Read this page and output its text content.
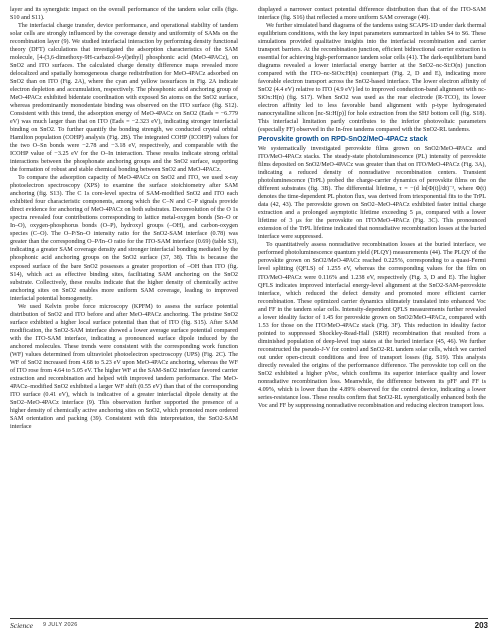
layer and its synergistic impact on the overall performance of the tandem solar cells (figs. S10 and S11).

The interfacial charge transfer, device performance, and operational stability of tandem solar cells are strongly influenced by the coverage density and uniformity of SAMs on the recombination layer (9). We studied interfacial interaction by performing density functional theory (DFT) calculations that investigated the adsorption characteristics of the SAM molecule, [4-(3,6-dimethoxy-9H-carbazol-9-yl)ethyl] phosphonic acid (MeO-4PACz), on SnO2 and ITO surfaces. The calculated charge density difference maps revealed more delocalized and spatially homogeneous charge redistribution for MeO-4PACz adsorbed on SnO2 than on ITO (Fig. 2A), where the cyan and yellow isosurfaces in Fig. 2A indicate electron depletion and accumulation, respectively. The phosphonic acid anchoring group of MeO-4PACz exhibited bidentate coordination with exposed Sn atoms on the SnO2 surface, whereas predominantly monodentate binding was observed on the ITO surface (fig. S12). Consistent with this trend, the adsorption energy of MeO-4PACz on SnO2 (Eads = −6.779 eV) was much larger than that on ITO (Eads = −2.323 eV), indicating stronger interfacial binding on SnO2. To further quantify the bonding strength, we conducted crystal orbital Hamilton population (COHP) analysis (Fig. 2B). The integrated COHP (ICOHP) values for the two O–Sn bonds were −2.78 and −3.18 eV, respectively, and comparable with the ICOHP value of −3.25 eV for the O–In interaction. These results indicate strong orbital interactions between the phosphonate anchoring groups and the SnO2 surface, supporting the formation of robust and stable chemical bonding between SnO2 and MeO-4PACz.

To compare the adsorption capacity of MeO-4PACz on SnO2 and ITO, we used x-ray photoelectron spectroscopy (XPS) to examine the surface stoichiometry after SAM anchoring (fig. S13). The C 1s core-level spectra of SAM-modified SnO2 and ITO each exhibited four characteristic components, among which the C–N and C–P signals provide direct evidence for anchoring of MeO-4PACz on both substrates. Deconvolution of the O 1s spectra revealed four contributions corresponding to lattice metal-oxygen bonds (Sn–O or In–O), oxygen-phosphorus bonds (O–P), hydroxyl groups (–OH), and carbon-oxygen species (C–O). The O–P/Sn–O intensity ratio for the SnO2-SAM interface (0.78) was greater than the corresponding O–P/In–O ratio for the ITO-SAM interface (0.69) (table S3), indicating a greater SAM coverage density and stronger interfacial bonding mediated by the phosphonic acid anchoring groups on the SnO2 surface (37, 38). This is because the exposed surface of the bare SnO2 possesses a greater proportion of –OH than ITO (fig. S14), which act as effective binding sites, facilitating SAM anchoring on the SnO2 substrate. Collectively, these results indicate that the higher density of chemically active anchoring sites on SnO2 enables more uniform SAM coverage, leading to improved interfacial potential homogeneity.

We used Kelvin probe force microscopy (KPFM) to assess the surface potential distribution of SnO2 and ITO before and after MeO-4PACz anchoring. The pristine SnO2 surface exhibited a higher local surface potential than that of ITO (fig. S15). After SAM modification, the SnO2-SAM interface showed a lower average surface potential compared with the ITO-SAM interface, indicating a pronounced surface dipole induced by the anchored molecules. These trends were consistent with the corresponding work function (WF) values determined from ultraviolet photoelectron spectroscopy (UPS) (Fig. 2C). The WF of SnO2 increased from 4.68 to 5.23 eV upon MeO-4PACz anchoring, whereas the WF of ITO rose from 4.64 to 5.05 eV. The higher WF at the SAM-SnO2 interface favored carrier extraction and recombination and helped with improved tandem performance. The MeO-4PACz–modified SnO2 exhibited a larger WF shift (0.55 eV) than that of the corresponding ITO surface (0.41 eV), which is indicative of a greater interfacial dipole density at the SnO2–MeO-4PACz interface (9). This observation further supported the presence of a higher density of chemically active anchoring sites on SnO2, which promoted more ordered SAM orientation and packing (39). Consistent with this interpretation, the SnO2-SAM interface

displayed a narrower contact potential difference distribution than that of the ITO-SAM interface (fig. S16) that reflected a more uniform SAM coverage (40).

We further simulated band diagrams of the tandems using SCAPS-1D under dark thermal equilibrium conditions, with the key input parameters summarized in tables S4 to S6. These simulations provided qualitative insights into the interfacial recombination and carrier transport barriers. At the recombination junction, efficient bidirectional carrier extraction is essential for achieving high-performance tandem solar cells (41). The dark-equilibrium band diagrams revealed a lower interfacial energy barrier at the SnO2–nc-Si:O(n) junction compared with the ITO–nc-SiOx:H(n) counterpart (Fig. 2, D and E), indicating more favorable electron transport across the SnO2-based interface. The lower electron affinity of SnO2 (4.4 eV) relative to ITO (4.9 eV) led to improved conduction-band alignment with nc-SiOx:H(n) (fig. S17). When SnO2 was used as the rear electrode (R-TCO), its lower electron affinity led to less favorable band alignment with p-type hydrogenated nanocrystalline silicon [nc-Si:H(p)] for hole extraction from the SHJ bottom cell (fig. S18). This interfacial limitation partly contributes to the inferior photovoltaic parameters (especially FF) observed in the In-free tandems compared with the SnO2-RL tandems.

Perovskite growth on RPD-SnO2/MeO-4PACz stack

We systematically investigated perovskite films grown on SnO2/MeO-4PACz and ITO/MeO-4PACz stacks. The steady-state photoluminescence (PL) intensity of perovskite films deposited on SnO2/MeO-4PACz was greater than that on ITO/MeO-4PACz (Fig. 3A), indicating a reduced density of nonradiative recombination centers. Transient photoluminescence (TrPL) probed the charge-carrier dynamics of perovskite films on the different substrates (fig. 3B). The differential lifetime, τ = −(d ln[Φ(t)]/dt)⁻¹, where Φ(t) denotes the time-dependent PL photon flux, was derived from triexponential fits to the TrPL data (42, 43). The perovskite grown on SnO2–MeO-4PACz exhibited faster initial charge extraction and a prolonged asymptotic lifetime exceeding 5 μs, compared with a lower lifetime of 3 μs for the perovskite on ITO/MeO-4PACz (Fig. 3C). This pronounced extension of the TrPL lifetime indicated that nonradiative recombination losses at the buried interface were suppressed.

To quantitatively assess nonradiative recombination losses at the buried interface, we performed photoluminescence quantum yield (PLQY) measurements (44). The PLQY of the perovskite grown on SnO2/MeO-4PACz reached 0.225%, corresponding to a quasi-Fermi level splitting (QFLS) of 1.255 eV, whereas the corresponding values for the film on ITO/MeO-4PACz were 0.116% and 1.238 eV, respectively (Fig. 3, D and E). The higher QFLS indicates improved interfacial energy-level alignment at the SnO2-SAM-perovskite interface, which reduced the defect density and promoted more efficient carrier recombination. These optimized carrier dynamics ultimately translated into enhanced Voc and FF in the tandem solar cells. Intensity-dependent QFLS measurements further revealed a lower ideality factor of 1.45 for perovskite grown on SnO2/MeO-4PACz, compared with 1.53 for those on the ITO/MeO-4PACz stack (Fig. 3F). This reduction in ideality factor pointed to suppressed Shockley-Read-Hall (SRH) recombination that resulted from a diminished population of deep-level trap states at the buried interface (45, 46). We further reconstructed the pseudo-J-V for control and SnO2-RL tandem solar cells, which we carried out under open-circuit conditions and free of transport losses (fig. S19). This analysis directly revealed the origins of the performance difference. The perovskite top cell on the SnO2 exhibited a higher pVoc, which confirms its superior interface quality and lower nonradiative recombination loss. Meanwhile, the difference between its pFF and FF is 4.09%, which is lower than the 4.89% observed for the control device, indicating a lower series-resistance loss. These results confirm that SnO2-RL synergistically enhanced both the Voc and FF by suppressing nonradiative recombination and reducing electron transport loss.

Science 9 JULY 2026	203
